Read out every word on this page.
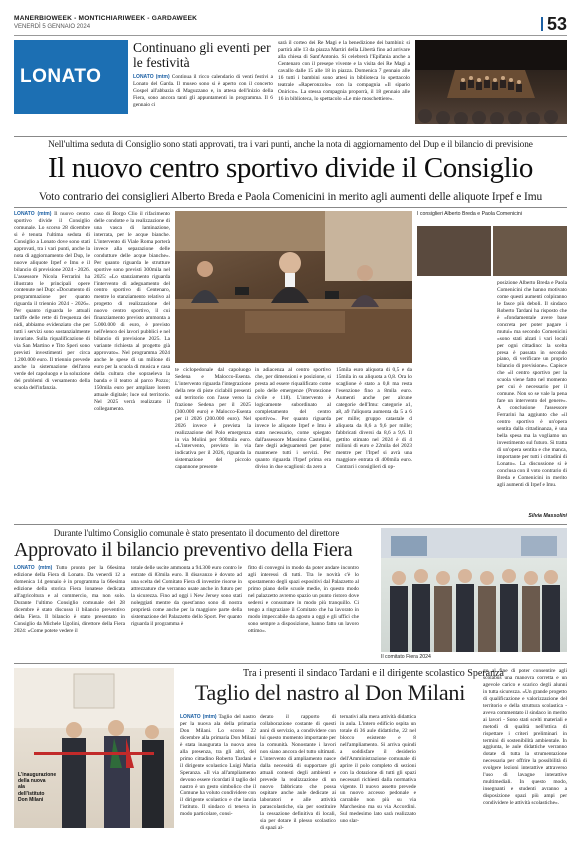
MANERBIOWEEK - MONTICHIARIWEEK - GARDAWEEK
VENERDÌ 5 GENNAIO 2024	53
LONATO
Continuano gli eventi per le festività
LONATO (mtm) Continua il ricco calendario di venti festivi a Lonato del Garda. Il museo sono si è aperto con il concerto Gospel all'abbazia di Maguzzano e, in attesa dell'inizio della Fiera, sono ancora tanti gli appuntamenti in programma. Il 6 gennaio ci
sarà il corteo dei Re Magi e la benedizione dei bambini: si partirà alle 13 da piazza Martiri della Libertà fino ad arrivare alla chiesa di Sant'Antonio. Si celebrerà l'Epifania anche a Centenaro con il presepe vivente e la visita dei Re Magi a cavallo dalle 15 alle 18 in piazza. Domenica 7 gennaio alle 16 tutti i bambini sono attesi in biblioteca lo spettacolo teatrale «Raperonzolo» con la compagnia «Il sipario Onirico». La stessa compagnia proporrà, il 18 gennaio alle 16 in biblioteca, lo spettacolo «Le mie moschettiere».
Nell'ultima seduta di Consiglio sono stati approvati, tra i vari punti, anche la nota di aggiornamento del Dup e il bilancio di previsione
Il nuovo centro sportivo divide il Consiglio
Voto contrario dei consiglieri Alberto Breda e Paola Comenicini in merito agli aumenti delle aliquote Irpef e Imu
LONATO (mtm) Il nuovo centro sportivo divide il Consiglio comunale. Lo scorso 28 dicembre si è tenuta l'ultima seduta di Consiglio a Lonato dove sono stati approvati, tra i vari punti, anche la nota di aggiornamento del Dup, le nuove aliquote Irpef e Imu e il bilancio di previsione 2024 - 2026. L'assessore Nicola Ferrarini ha illustrato le principali opere contenute nel Dup: «Documento di programmazione per quanto riguarda il triennio 2024 - 2026». Per quanto riguarda le attuali tariffe delle rette di frequenza dei nidi, abbiamo evidenziato che per tutti i servizi sono sostanzialmente invariate. Sulla riqualificazione di via San Martino e Tito Speri sono previsti investimenti per circa 1.200.000 euro. Il triennio prevede anche la sistemazione dell'area verde del capoluogo e la soluzione dei problemi di versamento della scuola dell'infanzia.
caso di Borgo Clio il rifacimento delle condotte e la realizzazione di una vasca di laminazione, interrata, per le acque bianche. L'intervento di Viale Roma porterà invece alla separazione delle condutture delle acque bianche». Per quanto riguarda le strutture sportive sono previsti 300mila nel 2025: «Lo stanziamento riguarda l'intervento di adeguamento del centro sportivo di Centenaro, mentre lo stanziamento relativo al progetto di realizzazione del nuovo centro sportivo, il cui finanziamento previsto ammonta a 5.000.000 di euro, è previsto nell'elenco dei lavori pubblici e nel bilancio di previsione 2025. La variante richiesta al progetto già approvato». Nel programma 2024 anche le spese di un milione di euro per la scuola di musica e casa della cultura che sopraeleva la banda e il teatro al parco Pozzo; 150mila euro per ampliare lorem attuale digitale; luce sul territorio. Nel 2025 verrà realizzato il collegamento.
te ciclopedonale dal capoluogo Sedena e Malocco-Esenta. L'intervento riguarda l'integrazione della rete di piste ciclabili presenti sul territorio con l'asse verso la frazione Sedena per il 2025 (300.000 euro) e Malocco-Esenta per il 2026 (200.000 euro). Nel 2026 invece è prevista la realizzazione del Polo emergenza in via Molini per 900mila euro. «L'intervento, previsto in via indicativa per il 2026, riguarda la sistemazione del piccolo capannone presente
in adiacenza al centro sportivo che, per dimensioni e posizione, si presta ad essere riqualificato come polo delle emergenze (Protezione civile e 118). L'intervento è logicamente subordinato al completamento del centro sportivo». Per quanto riguarda invece le aliquote Irpef e Imu è stato necessario, come spiegato dall'assessore Massimo Castellini, fare degli adeguamenti per poter mantenere tutti i servizi. Per quanto riguarda l'Irpef prima era diviso in due scaglioni: da zero a
15mila euro aliquota di 0,5 e da 15mila in su aliquota a 0,8. Ora lo scaglione è stato a 0,8 ma resta l'esenzione fino a 8mila euro. Aumenti anche per alcune categorie dell'Imu: categorie a1, a8, a9 l'aliquota aumenta da 5 a 6 per mille; gruppo catastale d aliquota da 8,6 a 9,6 per mille; fabbricati diversi da 8,6 a 9,6. Il gettito stimato nel 2024 è di 4 milioni di euro e 22mila del 2023 mentre per l'Irpef si avrà una maggiore entrata di 400mila euro. Contrari i consiglieri di op-
I consiglieri Alberto Breda e Paola Comenicini
posizione Alberto Breda e Paola Comenicini che hanno motivato come questi aumenti colpiranno le fasce più deboli. Il sindaco Roberto Tardani ha risposto che è «fondamentale avere base concreta per poter pagare i mutui» ma secondo Comenicini «sono stati alzati i vari locali per ogni cittadino: la scelta presa è passata in secondo piano, di verificare un proprio bilancio di previsione». Capisce che «il centro sportivo per la scuola viene fatto nel momento per cui è necessario per il comune. Non so se vale la pena fare un intervento del genere». A conclusione l'assessore Ferrarini ha aggiunto che «il centro sportivo è un'opera sentita dalla cittadinanza, è una bella spesa ma la vogliamo un investimento sul futuro. Si tratta di un'opera sentita e che manca, importante per tutti i cittadini di Lonato». La discussione si è conclusa con il voto contrario di Breda e Comenicini in merito agli aumenti di Irpef e Imu.
Silvia Massolini
Durante l'ultimo Consiglio comunale è stato presentato il documento del direttore
Approvato il bilancio preventivo della Fiera
LONATO (mtm) Tutto pronto per la 66esima edizione della Fiera di Lonato. Da venerdì 12 a domenica 14 gennaio è in programma la 66esima edizione della storica Fiera lonatese dedicata all'agricoltura e al commercio, ma non solo. Durante l'ultimo Consiglio comunale del 28 dicembre è stato discusso il bilancio preventivo della Fiera. Il bilancio è stato presentato in Consiglio da Michele Ugolini, direttore della Fiera 2024: «Come potete vedere il
totale delle uscite ammonta a 94.300 euro contro le entrate di 83mila euro. Il disavanzo è dovuto ad una scelta del Comitato Fiera di investire risorse in attrezzature che verranno usate anche in futuro per la sicurezza. Fino ad oggi i New Jersey sono stati noleggiati mentre da quest'anno sono di nostra proprietà come anche per la maggiore parte della sistemazione del Palazzetto dello Sport. Per quanto riguarda il programma è
fitto di convegni in modo da poter andare incontro agli interessi di tutti. Tra le novità c'è lo spostamento degli spazi espositivi dal Palazzetto al primo piano delle scuole medie, in questo modo nel palazzetto avremo spazio un punto ristoro dove sedersi e consumare in modo più tranquillo. Ci tengo a ringraziare il Comitato che ha lavorato in modo impeccabile da agosto a oggi e gli uffici che sono sempre a disposizione, hanno fatto un lavoro ottimo».
Il comitato Fiera 2024
L'inaugurazione della nuova ala dell'istituto Don Milani
Tra i presenti il sindaco Tardani e il dirigente scolastico Speranza
Taglio del nastro al Don Milani
LONATO (mtm) Taglio del nastro per la nuova ala della primaria Don Milani. Lo scorso 22 dicembre alla primaria Don Milani è stata inaugurata la nuova area alla presenza, tra gli altri, del primo cittadino Roberto Tardani e il dirigente scolastico Luigi Maria Speranza. «Il via all'ampliamento devono essere ricordati il taglio del nastro è un gesto simbolico che il Comune ha voluto condividere con il dirigente scolastico e che lancia l'istituto. Il sindaco ci teneva in modo particolare, consi-
derato il rapporto di collaborazione costante di questi anni di servizio, a condividere con lui questo momento importante per la comunità. Nonostante i lavori non siano ancora del tutto ultimati. L'intervento di ampliamento nasce dalla necessità di supportare gli attuali contesti degli ambienti e prevede la realizzazione di un nuovo fabbricato che possa ospitare anche aule dedicate ai laboratori e alle attività parascolastiche, sia per sostituire la cessazione definitiva di locali, sia per dotare il plesso scolastico di spazi al-
ternativi alla mera attività didattica in aula. L'intero edificio ospita un totale di 36 aule didattiche, 22 nel blocco esistente e 8 nell'ampliamento. Si arriva quindi a soddisfare il desiderio dell'Amministrazione comunale di aprire il polo completo di sezioni con la dotazione di tutti gli spazi necessari richiesti dalla normativa vigente. Il nuovo assetto prevede un nuovo accesso pedonale e carrabile non più su via Marchesino ma su via Accordini. Sul medesimo lato sarà realizzato uno slar-
go al fine di poter consentire agli scolabus una manovra corretta e un agevole carico e scarico degli alunni in tutta sicurezza. «Un grande progetto di qualificazione e valorizzazione del territorio e della struttura scolastica - aveva commentato il sindaco in merito ai lavori - Sono stati scelti materiali e metodi di qualità nell'ottica di rispettare i criteri preliminari in termini di sostenibilità ambientale. In aggiunta, le aule didattiche verranno dotate di tutta la strumentazione necessaria per offrire la possibilità di svolgere lezioni interattive attraverso l'uso di lavagne interattive multimediali. In questo modo, insegnanti e studenti avranno a disposizione spazi più ampi per condividere le attività scolastiche».
